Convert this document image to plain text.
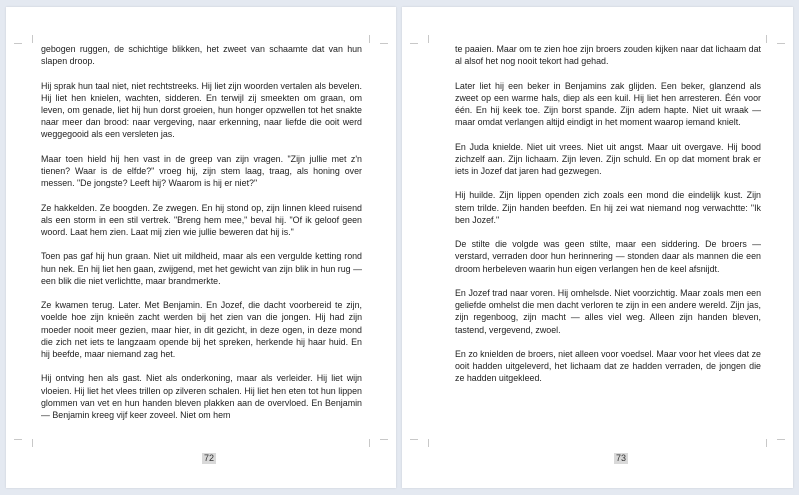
gebogen ruggen, de schichtige blikken, het zweet van schaamte dat van hun slapen droop.

Hij sprak hun taal niet, niet rechtstreeks. Hij liet zijn woorden vertalen als bevelen. Hij liet hen knielen, wachten, sidderen. En terwijl zij smeekten om graan, om leven, om genade, liet hij hun dorst groeien, hun honger opzwellen tot het snakte naar meer dan brood: naar vergeving, naar erkenning, naar liefde die ooit werd weggegooid als een versleten jas.

Maar toen hield hij hen vast in de greep van zijn vragen. "Zijn jullie met z'n tienen? Waar is de elfde?" vroeg hij, zijn stem laag, traag, als honing over messen. "De jongste? Leeft hij? Waarom is hij er niet?"

Ze hakkelden. Ze boogden. Ze zwegen. En hij stond op, zijn linnen kleed ruisend als een storm in een stil vertrek. "Breng hem mee," beval hij. "Of ik geloof geen woord. Laat hem zien. Laat mij zien wie jullie beweren dat hij is."

Toen pas gaf hij hun graan. Niet uit mildheid, maar als een vergulde ketting rond hun nek. En hij liet hen gaan, zwijgend, met het gewicht van zijn blik in hun rug — een blik die niet verlichtte, maar brandmerkte.

Ze kwamen terug. Later. Met Benjamin. En Jozef, die dacht voorbereid te zijn, voelde hoe zijn knieën zacht werden bij het zien van die jongen. Hij had zijn moeder nooit meer gezien, maar hier, in dit gezicht, in deze ogen, in deze mond die zich net iets te langzaam opende bij het spreken, herkende hij haar huid. En hij beefde, maar niemand zag het.

Hij ontving hen als gast. Niet als onderkoning, maar als verleider. Hij liet wijn vloeien. Hij liet het vlees trillen op zilveren schalen. Hij liet hen eten tot hun lippen glommen van vet en hun handen bleven plakken aan de overvloed. En Benjamin — Benjamin kreeg vijf keer zoveel. Niet om hem

72

te paaien. Maar om te zien hoe zijn broers zouden kijken naar dat lichaam dat al alsof het nog nooit tekort had gehad.

Later liet hij een beker in Benjamins zak glijden. Een beker, glanzend als zweet op een warme hals, diep als een kuil. Hij liet hen arresteren. Één voor één. En hij keek toe. Zijn borst spande. Zijn adem hapte. Niet uit wraak — maar omdat verlangen altijd eindigt in het moment waarop iemand knielt.

En Juda knielde. Niet uit vrees. Niet uit angst. Maar uit overgave. Hij bood zichzelf aan. Zijn lichaam. Zijn leven. Zijn schuld. En op dat moment brak er iets in Jozef dat jaren had gezwegen.

Hij huilde. Zijn lippen openden zich zoals een mond die eindelijk kust. Zijn stem trilde. Zijn handen beefden. En hij zei wat niemand nog verwachtte: "Ik ben Jozef."

De stilte die volgde was geen stilte, maar een siddering. De broers — verstard, verraden door hun herinnering — stonden daar als mannen die een droom herbeleven waarin hun eigen verlangen hen de keel afsnijdt.

En Jozef trad naar voren. Hij omhelsde. Niet voorzichtig. Maar zoals men een geliefde omhelst die men dacht verloren te zijn in een andere wereld. Zijn jas, zijn regenboog, zijn macht — alles viel weg. Alleen zijn handen bleven, tastend, vergevend, zwoel.

En zo knielden de broers, niet alleen voor voedsel. Maar voor het vlees dat ze ooit hadden uitgeleverd, het lichaam dat ze hadden verraden, de jongen die ze hadden uitgekleed.

73
